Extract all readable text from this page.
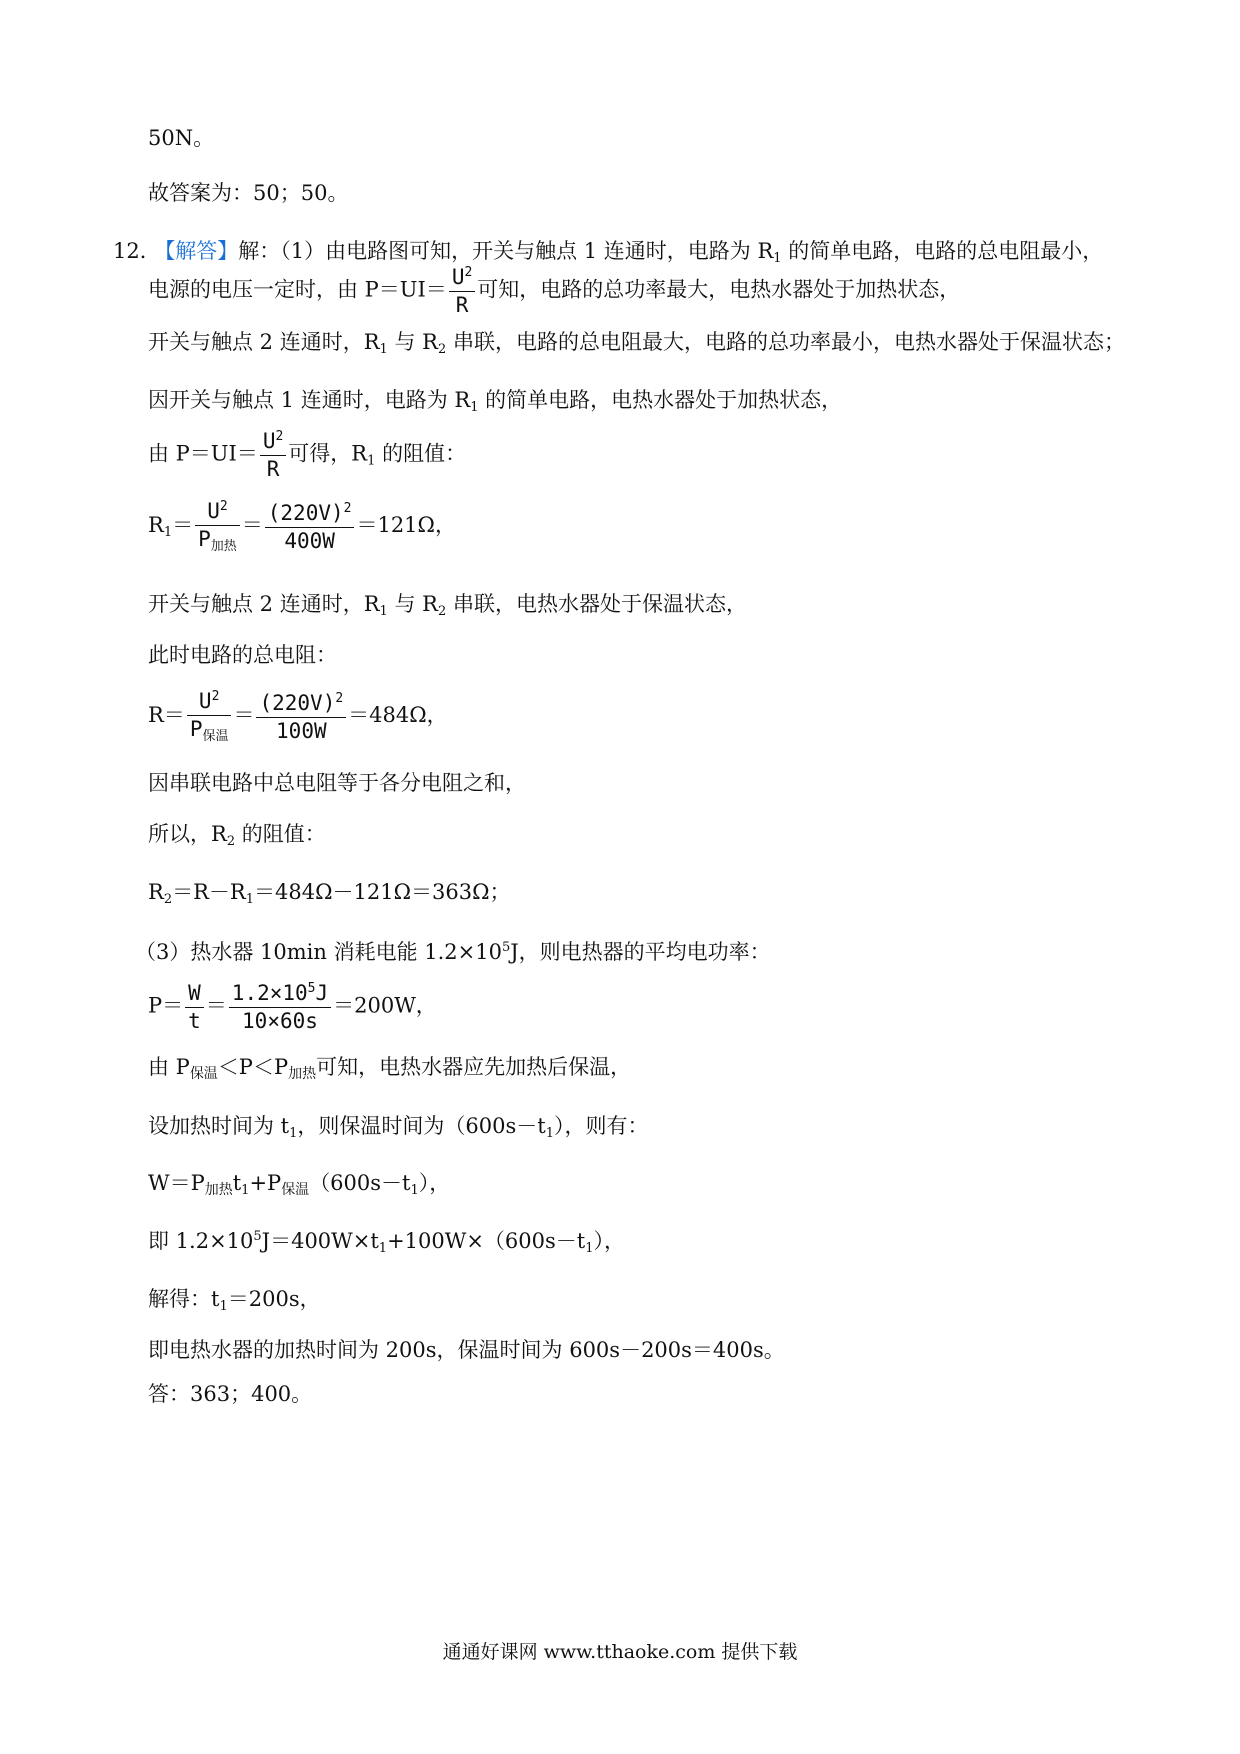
50N。
故答案为：50；50。
12． 【解答】解：（1）由电路图可知，开关与触点 1 连通时，电路为 $R_1$ 的简单电路，电路的总电阻最小，
电源的电压一定时，由 $P=UI= \frac{U^2}{R}$ 可知，电路的总功率最大，电热水器处于加热状态，
开关与触点 2 连通时，$R_1$ 与 $R_2$ 串联，电路的总电阻最大，电路的总功率最小，电热水器处于保温状态；
因开关与触点 1 连通时，电路为 $R_1$ 的简单电路，电热水器处于加热状态，
由 $P=UI= \frac{U^2}{R}$ 可得，$R_1$ 的阻值：
$R_1= \frac{U^2}{P_{加热}} = \frac{(220V)^2}{400W} =121\Omega$，
开关与触点 2 连通时，$R_1$ 与 $R_2$ 串联，电热水器处于保温状态，
此时电路的总电阻：
$R= \frac{U^2}{P_{保温}} = \frac{(220V)^2}{100W} =484\Omega$，
因串联电路中总电阻等于各分电阻之和，
所以，$R_2$ 的阻值：
$R_2=R-R_1=484\Omega-121\Omega=363\Omega$；
（3）热水器 10min 消耗电能 $1.2\times 10^5J$，则电热器的平均电功率：
$P= \frac{W}{t} = \frac{1.2\times 10^5J}{10\times 60s} =200W$，
由 $P_{保温}<P<P_{加热}$可知，电热水器应先加热后保温，
设加热时间为 $t_1$，则保温时间为$(600s-t_1)$，则有：
$W=P_{加热}t_1+P_{保温}(600s-t_1)$，
即 $1.2\times 10^5J=400W\times t_1+100W\times(600s-t_1)$，
解得：$t_1=200s$，
即电热水器的加热时间为 200s，保温时间为 600s－200s＝400s。
答：363；400。
通通好课网 www.tthaoke.com 提供下载
